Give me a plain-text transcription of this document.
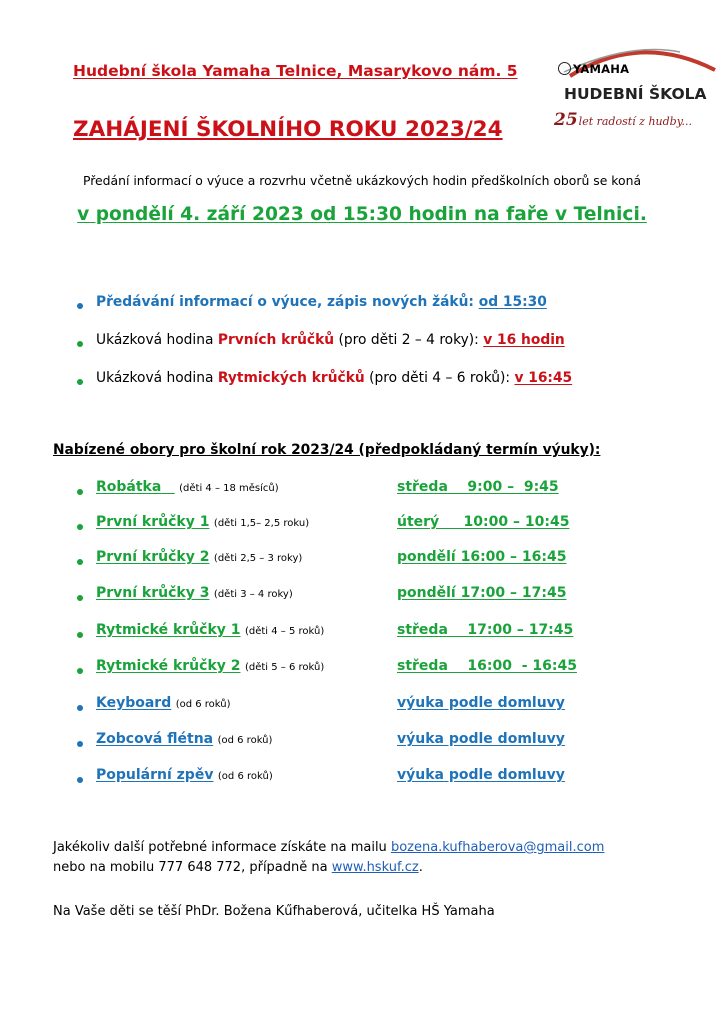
Hudební škola Yamaha Telnice, Masarykovo nám. 5
ZAHÁJENÍ ŠKOLNÍHO ROKU 2023/24
YAMAHA
HUDEBNÍ ŠKOLA
25let radostí z hudby...
Předání informací o výuce a rozvrhu včetně ukázkových hodin předškolních oborů se koná
v pondělí 4. září 2023 od 15:30 hodin na faře v Telnici.
Předávání informací o výuce, zápis nových žáků: od 15:30
Ukázková hodina Prvních krůčků (pro děti 2 – 4 roky): v 16 hodin
Ukázková hodina Rytmických krůčků (pro děti 4 – 6 roků): v 16:45
Nabízené obory pro školní rok 2023/24 (předpokládaný termín výuky):
Robátka (děti 4 – 18 měsíců)	středa    9:00 –  9:45
První krůčky 1 (děti 1,5– 2,5 roku)	úterý     10:00 – 10:45
První krůčky 2 (děti 2,5 – 3 roky)	pondělí 16:00 – 16:45
První krůčky 3 (děti 3 – 4 roky)	pondělí 17:00 – 17:45
Rytmické krůčky 1 (děti 4 – 5 roků)	středa    17:00 – 17:45
Rytmické krůčky 2 (děti 5 – 6 roků)	středa    16:00  - 16:45
Keyboard (od 6 roků)	výuka podle domluvy
Zobcová flétna (od 6 roků)	výuka podle domluvy
Populární zpěv (od 6 roků)	výuka podle domluvy
Jakékoliv další potřebné informace získáte na mailu bozena.kufhaberova@gmail.com
nebo na mobilu 777 648 772, případně na www.hskuf.cz.
Na Vaše děti se těší PhDr. Božena Kűfhaberová, učitelka HŠ Yamaha
